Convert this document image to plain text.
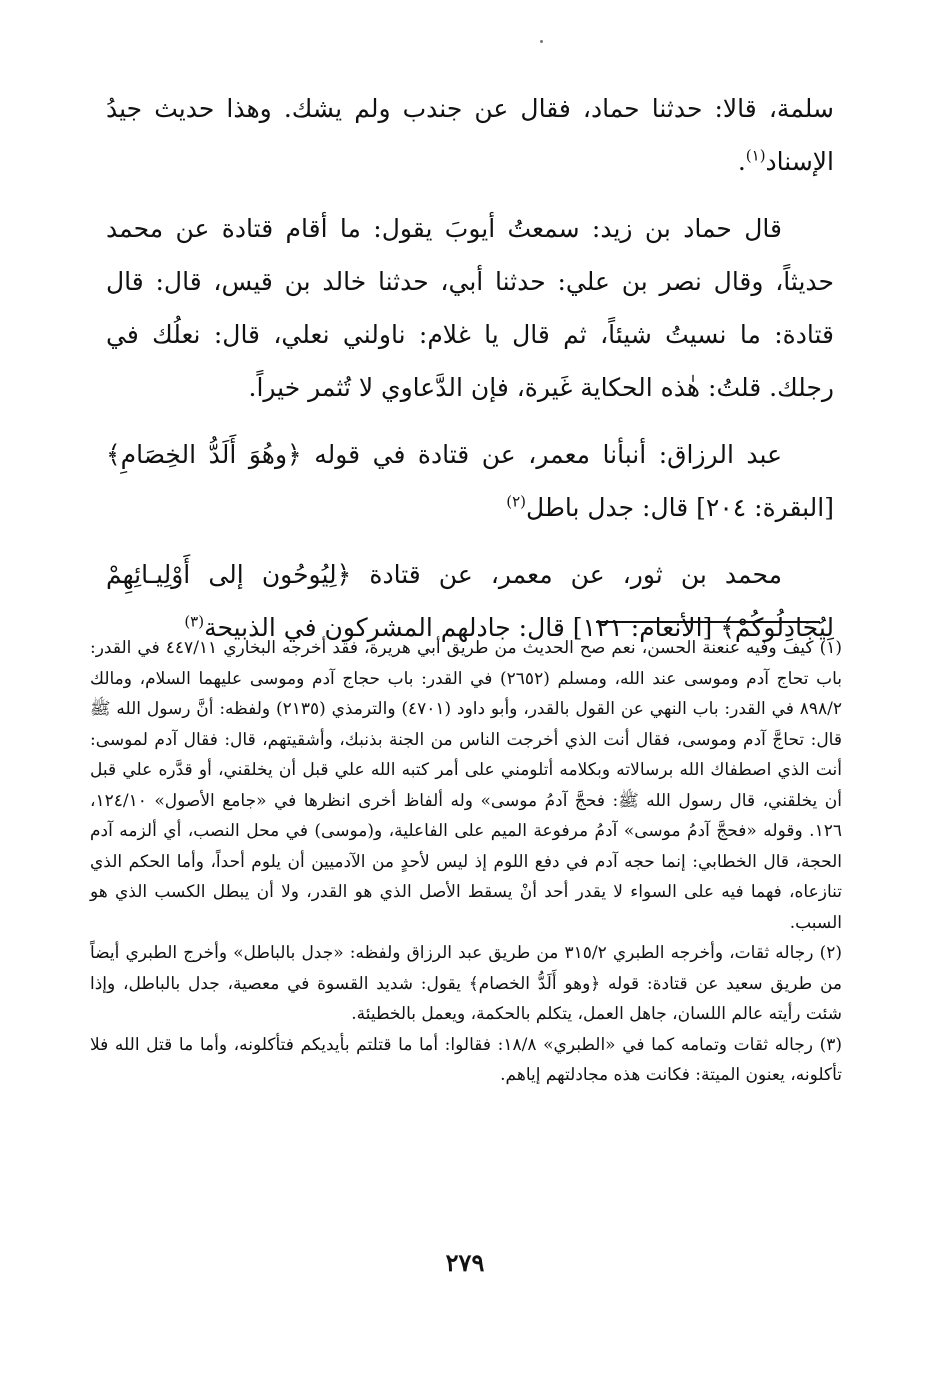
سلمة، قالا: حدثنا حماد، فقال عن جندب ولم يشك. وهذا حديث جيدُ الإسناد$^{(١)}$.

قال حماد بن زيد: سمعتُ أيوبَ يقول: ما أقام قتادة عن محمد حديثاً، وقال نصر بن علي: حدثنا أبي، حدثنا خالد بن قيس، قال: قال قتادة: ما نسيتُ شيئاً، ثم قال يا غلام: ناولني نعلي، قال: نعلُك في رجلك. قلتُ: هٰذه الحكاية غَيرة، فإن الدَّعاوي لا تُثمر خيراً.

عبد الرزاق: أنبأنا معمر، عن قتادة في قوله ﴿وهُوَ أَلَدُّ الخِصَامِ﴾ [البقرة: ٢٠٤] قال: جدل باطل$^{(٢)}$

محمد بن ثور، عن معمر، عن قتادة ﴿لِيُوحُون إلى أَوْلِيـائِهِمْ لِيُجَادِلُوكُمْ﴾ [الأنعام: ١٢١] قال: جادلهم المشركون في الذبيحة$^{(٣)}$

(١) كيف وفيه عنعنة الحسن، نعم صح الحديث من طريق أبي هريرة، فقد أخرجه البخاري ٤٤٧/١١ في القدر: باب تحاج آدم وموسى عند الله، ومسلم (٢٦٥٢) في القدر: باب حجاج آدم وموسى عليهما السلام، ومالك ٨٩٨/٢ في القدر: باب النهي عن القول بالقدر، وأبو داود (٤٧٠١) والترمذي (٢١٣٥) ولفظه: أنَّ رسول الله ﷺ قال: تحاجَّ آدم وموسى، فقال أنت الذي أخرجت الناس من الجنة بذنبك، وأشقيتهم، قال: فقال آدم لموسى: أنت الذي اصطفاك الله برسالاته وبكلامه أتلومني على أمر كتبه الله علي قبل أن يخلقني، أو قدَّره علي قبل أن يخلقني، قال رسول الله ﷺ: فحجَّ آدمُ موسى» وله ألفاظ أخرى انظرها في «جامع الأصول» ١٢٤/١٠، ١٢٦. وقوله «فحجَّ آدمُ موسى» آدمُ مرفوعة الميم على الفاعلية، و(موسى) في محل النصب، أي ألزمه آدم الحجة، قال الخطابي: إنما حجه آدم في دفع اللوم إذ ليس لأحدٍ من الآدميين أن يلوم أحداً، وأما الحكم الذي تنازعاه، فهما فيه على السواء لا يقدر أحد أنْ يسقط الأصل الذي هو القدر، ولا أن يبطل الكسب الذي هو السبب.

(٢) رجاله ثقات، وأخرجه الطبري ٣١٥/٢ من طريق عبد الرزاق ولفظه: «جدل بالباطل» وأخرج الطبري أيضاً من طريق سعيد عن قتادة: قوله ﴿وهو أَلَدُّ الخصام﴾ يقول: شديد القسوة في معصية، جدل بالباطل، وإذا شئت رأيته عالم اللسان، جاهل العمل، يتكلم بالحكمة، ويعمل بالخطيئة.

(٣) رجاله ثقات وتمامه كما في «الطبري» ١٨/٨: فقالوا: أما ما قتلتم بأيديكم فتأكلونه، وأما ما قتل الله فلا تأكلونه، يعنون الميتة: فكانت هذه مجادلتهم إياهم.

٢٧٩
